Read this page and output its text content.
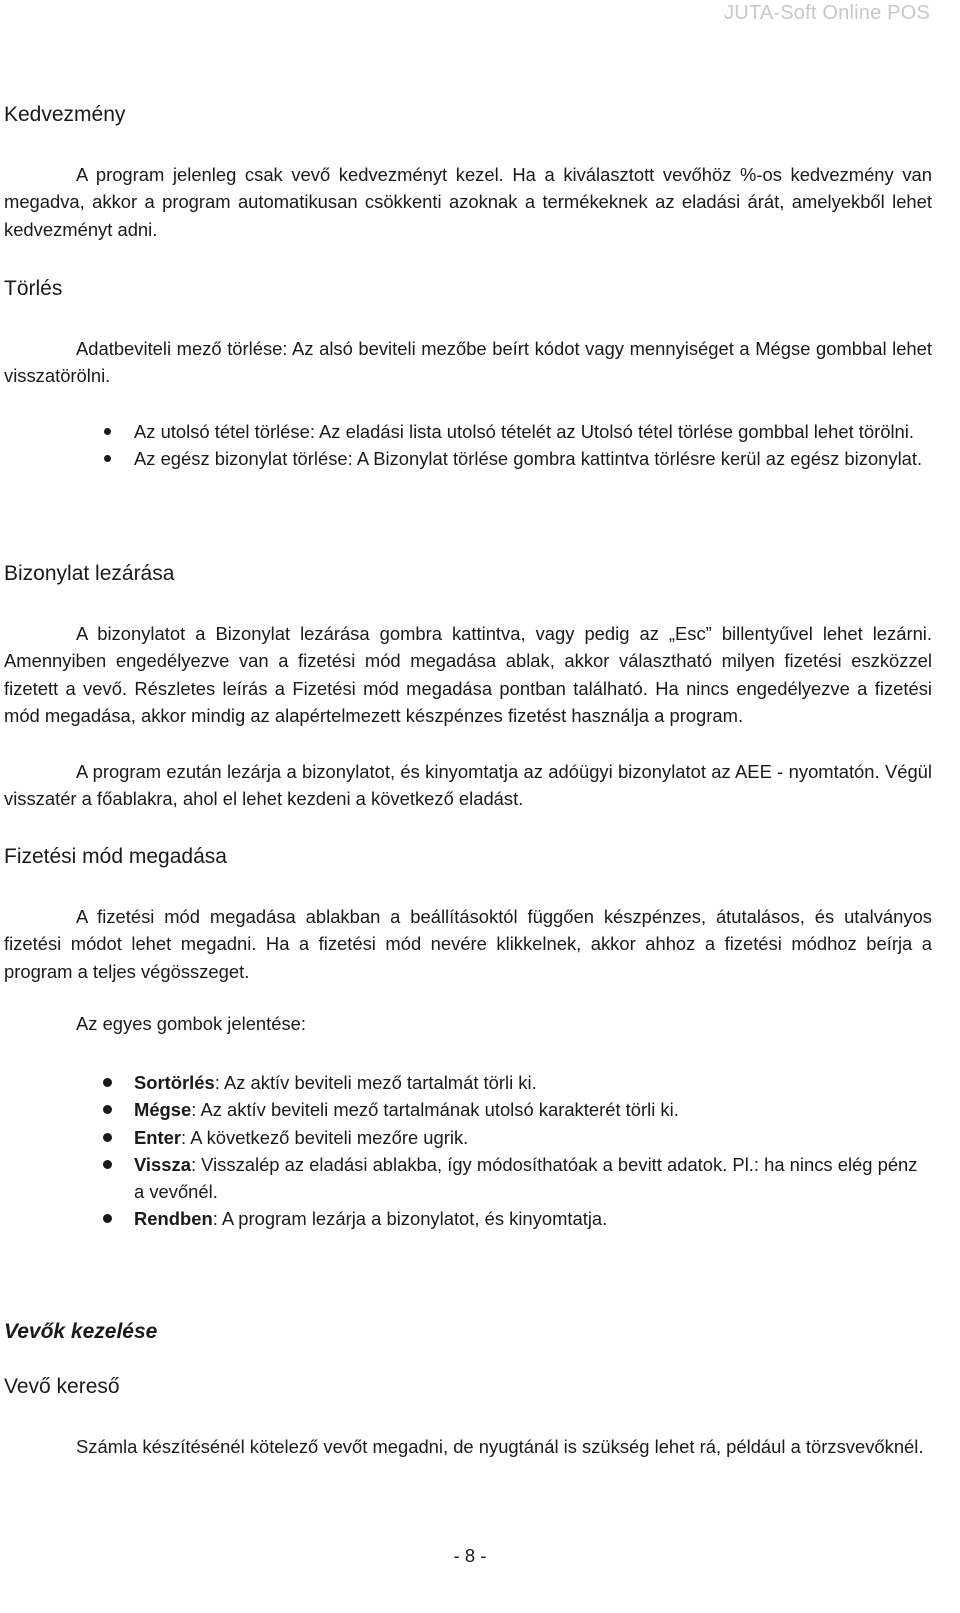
JUTA-Soft Online POS
Kedvezmény
A program jelenleg csak vevő kedvezményt kezel. Ha a kiválasztott vevőhöz %-os kedvezmény van megadva, akkor a program automatikusan csökkenti azoknak a termékeknek az eladási árát, amelyekből lehet kedvezményt adni.
Törlés
Adatbeviteli mező törlése: Az alsó beviteli mezőbe beírt kódot vagy mennyiséget a Mégse gombbal lehet visszatörölni.
Az utolsó tétel törlése: Az eladási lista utolsó tételét az Utolsó tétel törlése gombbal lehet törölni.
Az egész bizonylat törlése: A Bizonylat törlése gombra kattintva törlésre kerül az egész bizonylat.
Bizonylat lezárása
A bizonylatot a Bizonylat lezárása gombra kattintva, vagy pedig az „Esc” billentyűvel lehet lezárni. Amennyiben engedélyezve van a fizetési mód megadása ablak, akkor választható milyen fizetési eszközzel fizetett a vevő. Részletes leírás a Fizetési mód megadása pontban található. Ha nincs engedélyezve a fizetési mód megadása, akkor mindig az alapértelmezett készpénzes fizetést használja a program.
A program ezután lezárja a bizonylatot, és kinyomtatja az adóügyi bizonylatot az AEE - nyomtatón. Végül visszatér a főablakra, ahol el lehet kezdeni a következő eladást.
Fizetési mód megadása
A fizetési mód megadása ablakban a beállításoktól függően készpénzes, átutalásos, és utalványos fizetési módot lehet megadni. Ha a fizetési mód nevére klikkelnek, akkor ahhoz a fizetési módhoz beírja a program a teljes végösszeget.
Az egyes gombok jelentése:
Sortörlés: Az aktív beviteli mező tartalmát törli ki.
Mégse: Az aktív beviteli mező tartalmának utolsó karakterét törli ki.
Enter: A következő beviteli mezőre ugrik.
Vissza: Visszalép az eladási ablakba, így módosíthatóak a bevitt adatok. Pl.: ha nincs elég pénz a vevőnél.
Rendben: A program lezárja a bizonylatot, és kinyomtatja.
Vevők kezelése
Vevő kereső
Számla készítésénél kötelező vevőt megadni, de nyugtánál is szükség lehet rá, például a törzsvevőknél.
- 8 -
